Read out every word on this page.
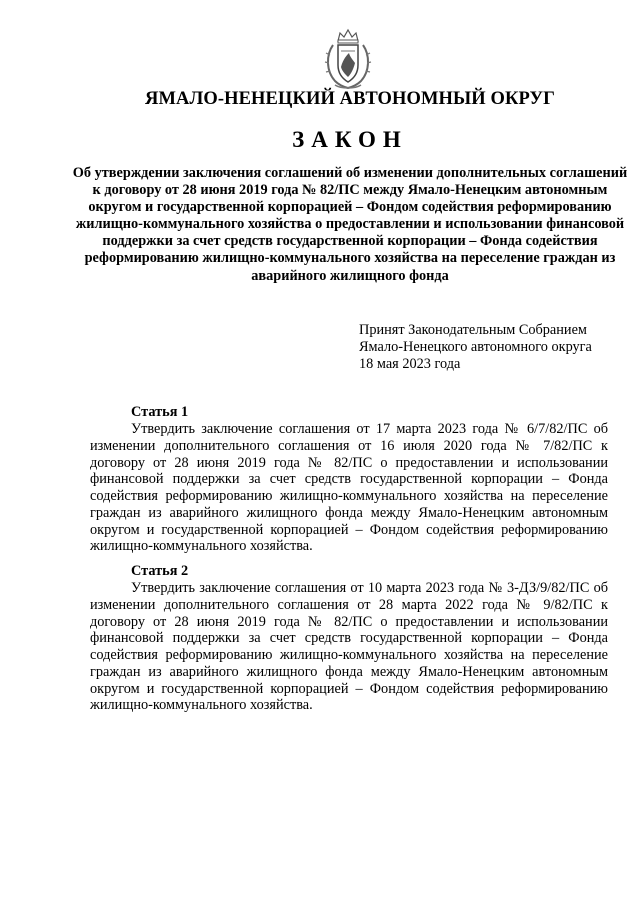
ЯМАЛО-НЕНЕЦКИЙ АВТОНОМНЫЙ ОКРУГ
ЗАКОН
Об утверждении заключения соглашений об изменении дополнительных соглашений к договору от 28 июня 2019 года № 82/ПС между Ямало-Ненецким автономным округом и государственной корпорацией ‒ Фондом содействия реформированию жилищно-коммунального хозяйства о предоставлении и использовании финансовой поддержки за счет средств государственной корпорации ‒ Фонда содействия реформированию жилищно-коммунального хозяйства на переселение граждан из аварийного жилищного фонда
Принят Законодательным Собранием
Ямало-Ненецкого автономного округа
18 мая 2023 года

Статья 1

Утвердить заключение соглашения от 17 марта 2023 года № 6/7/82/ПС об изменении дополнительного соглашения от 16 июля 2020 года № 7/82/ПС к договору от 28 июня 2019 года № 82/ПС о предоставлении и использовании финансовой поддержки за счет средств государственной корпорации – Фонда содействия реформированию жилищно-коммунального хозяйства на переселение граждан из аварийного жилищного фонда между Ямало-Ненецким автономным округом и государственной корпорацией – Фондом содействия реформированию жилищно-коммунального хозяйства.

Статья 2

Утвердить заключение соглашения от 10 марта 2023 года № 3-ДЗ/9/82/ПС об изменении дополнительного соглашения от 28 марта 2022 года № 9/82/ПС к договору от 28 июня 2019 года № 82/ПС о предоставлении и использовании финансовой поддержки за счет средств государственной корпорации – Фонда содействия реформированию жилищно-коммунального хозяйства на переселение граждан из аварийного жилищного фонда между Ямало-Ненецким автономным округом и государственной корпорацией – Фондом содействия реформированию жилищно-коммунального хозяйства.
